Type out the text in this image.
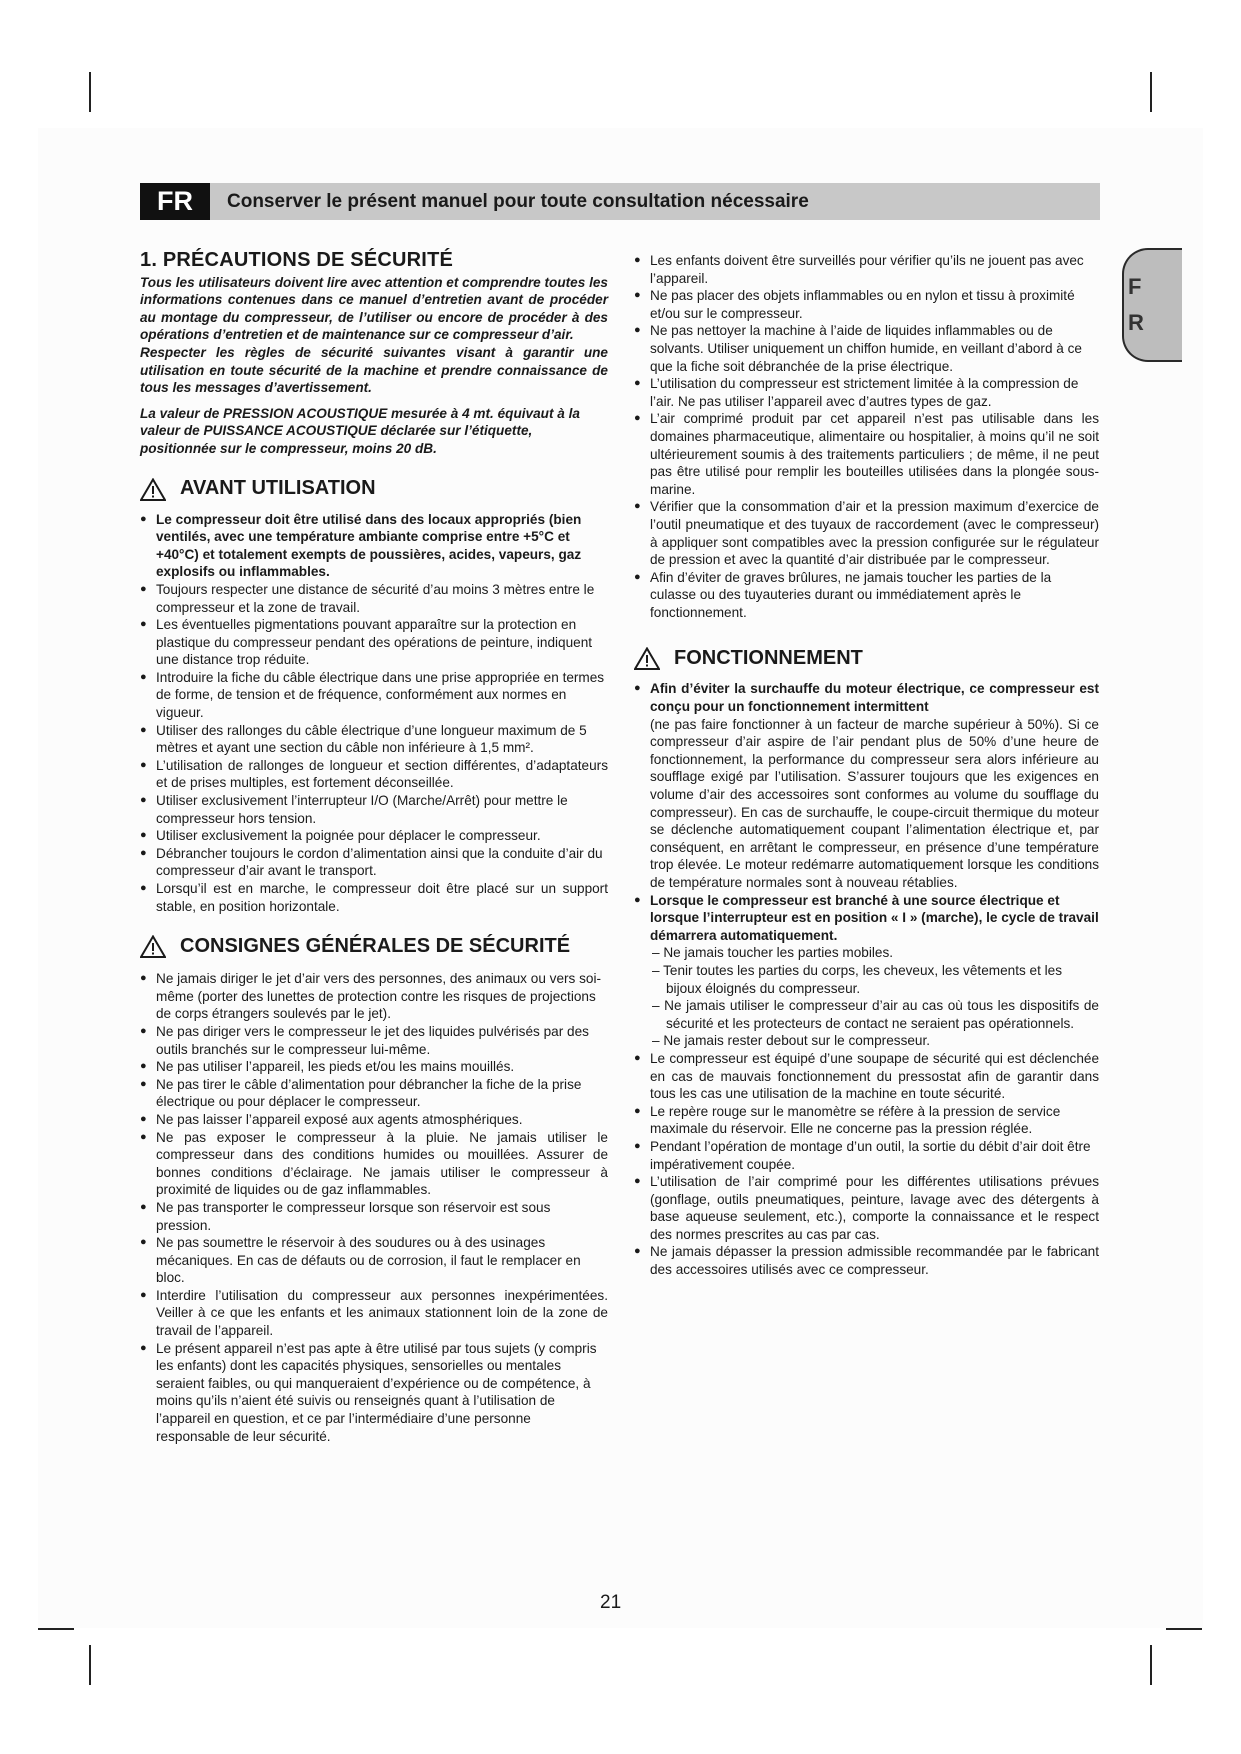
FR	Conserver le présent manuel pour toute consultation nécessaire
F
R
1. PRÉCAUTIONS DE SÉCURITÉ

Tous les utilisateurs doivent lire avec attention et comprendre toutes les informations contenues dans ce manuel d’entretien avant de procéder au montage du compresseur, de l’utiliser ou encore de procéder à des opérations d’entretien et de maintenance sur ce compresseur d’air.

Respecter les règles de sécurité suivantes visant à garantir une utilisation en toute sécurité de la machine et prendre connaissance de tous les messages d’avertissement.

La valeur de PRESSION ACOUSTIQUE mesurée à 4 mt. équivaut à la valeur de PUISSANCE ACOUSTIQUE déclarée sur l’étiquette, positionnée sur le compresseur, moins 20 dB.

AVANT UTILISATION

● Le compresseur doit être utilisé dans des locaux appropriés (bien ventilés, avec une température ambiante comprise entre +5°C et +40°C) et totalement exempts de poussières, acides, vapeurs, gaz explosifs ou inflammables.

● Toujours respecter une distance de sécurité d’au moins 3 mètres entre le compresseur et la zone de travail.

● Les éventuelles pigmentations pouvant apparaître sur la protection en plastique du compresseur pendant des opérations de peinture, indiquent une distance trop réduite.

● Introduire la fiche du câble électrique dans une prise appropriée en termes de forme, de tension et de fréquence, conformément aux normes en vigueur.

● Utiliser des rallonges du câble électrique d’une longueur maximum de 5 mètres et ayant une section du câble non inférieure à 1,5 mm².

● L’utilisation de rallonges de longueur et section différentes, d’adaptateurs et de prises multiples, est fortement déconseillée.

● Utiliser exclusivement l’interrupteur I/O (Marche/Arrêt) pour mettre le compresseur hors tension.

● Utiliser exclusivement la poignée pour déplacer le compresseur.

● Débrancher toujours le cordon d’alimentation ainsi que la conduite d’air du compresseur d’air avant le transport.

● Lorsqu’il est en marche, le compresseur doit être placé sur un support stable, en position horizontale.

CONSIGNES GÉNÉRALES DE SÉCURITÉ

● Ne jamais diriger le jet d’air vers des personnes, des animaux ou vers soi-même (porter des lunettes de protection contre les risques de projections de corps étrangers soulevés par le jet).

● Ne pas diriger vers le compresseur le jet des liquides pulvérisés par des outils branchés sur le compresseur lui-même.

● Ne pas utiliser l’appareil, les pieds et/ou les mains mouillés.

● Ne pas tirer le câble d’alimentation pour débrancher la fiche de la prise électrique ou pour déplacer le compresseur.

● Ne pas laisser l’appareil exposé aux agents atmosphériques.

● Ne pas exposer le compresseur à la pluie. Ne jamais utiliser le compresseur dans des conditions humides ou mouillées. Assurer de bonnes conditions d’éclairage. Ne jamais utiliser le compresseur à proximité de liquides ou de gaz inflammables.

● Ne pas transporter le compresseur lorsque son réservoir est sous pression.

● Ne pas soumettre le réservoir à des soudures ou à des usinages mécaniques. En cas de défauts ou de corrosion, il faut le remplacer en bloc.

● Interdire l’utilisation du compresseur aux personnes inexpérimentées. Veiller à ce que les enfants et les animaux stationnent loin de la zone de travail de l’appareil.

● Le présent appareil n’est pas apte à être utilisé par tous sujets (y compris les enfants) dont les capacités physiques, sensorielles ou mentales seraient faibles, ou qui manqueraient d’expérience ou de compétence, à moins qu’ils n’aient été suivis ou renseignés quant à l’utilisation de l’appareil en question, et ce par l’intermédiaire d’une personne responsable de leur sécurité.

● Les enfants doivent être surveillés pour vérifier qu’ils ne jouent pas avec l’appareil.

● Ne pas placer des objets inflammables ou en nylon et tissu à proximité et/ou sur le compresseur.

● Ne pas nettoyer la machine à l’aide de liquides inflammables ou de solvants. Utiliser uniquement un chiffon humide, en veillant d’abord à ce que la fiche soit débranchée de la prise électrique.

● L’utilisation du compresseur est strictement limitée à la compression de l’air. Ne pas utiliser l’appareil avec d’autres types de gaz.

● L’air comprimé produit par cet appareil n’est pas utilisable dans les domaines pharmaceutique, alimentaire ou hospitalier, à moins qu’il ne soit ultérieurement soumis à des traitements particuliers ; de même, il ne peut pas être utilisé pour remplir les bouteilles utilisées dans la plongée sous-marine.

● Vérifier que la consommation d’air et la pression maximum d’exercice de l’outil pneumatique et des tuyaux de raccordement (avec le compresseur) à appliquer sont compatibles avec la pression configurée sur le régulateur de pression et avec la quantité d’air distribuée par le compresseur.

● Afin d’éviter de graves brûlures, ne jamais toucher les parties de la culasse ou des tuyauteries durant ou immédiatement après le fonctionnement.

FONCTIONNEMENT

● Afin d’éviter la surchauffe du moteur électrique, ce compresseur est conçu pour un fonctionnement intermittent

(ne pas faire fonctionner à un facteur de marche supérieur à 50%). Si ce compresseur d’air aspire de l’air pendant plus de 50% d’une heure de fonctionnement, la performance du compresseur sera alors inférieure au soufflage exigé par l’utilisation. S’assurer toujours que les exigences en volume d’air des accessoires sont conformes au volume du soufflage du compresseur). En cas de surchauffe, le coupe-circuit thermique du moteur se déclenche automatiquement coupant l’alimentation électrique et, par conséquent, en arrêtant le compresseur, en présence d’une température trop élevée. Le moteur redémarre automatiquement lorsque les conditions de température normales sont à nouveau rétablies.

● Lorsque le compresseur est branché à une source électrique et lorsque l’interrupteur est en position « I » (marche), le cycle de travail démarrera automatiquement.

– Ne jamais toucher les parties mobiles.

– Tenir toutes les parties du corps, les cheveux, les vêtements et les bijoux éloignés du compresseur.

– Ne jamais utiliser le compresseur d’air au cas où tous les dispositifs de sécurité et les protecteurs de contact ne seraient pas opérationnels.

– Ne jamais rester debout sur le compresseur.

● Le compresseur est équipé d’une soupape de sécurité qui est déclenchée en cas de mauvais fonctionnement du pressostat afin de garantir dans tous les cas une utilisation de la machine en toute sécurité.

● Le repère rouge sur le manomètre se réfère à la pression de service maximale du réservoir. Elle ne concerne pas la pression réglée.

● Pendant l’opération de montage d’un outil, la sortie du débit d’air doit être impérativement coupée.

● L’utilisation de l’air comprimé pour les différentes utilisations prévues (gonflage, outils pneumatiques, peinture, lavage avec des détergents à base aqueuse seulement, etc.), comporte la connaissance et le respect des normes prescrites au cas par cas.

● Ne jamais dépasser la pression admissible recommandée par le fabricant des accessoires utilisés avec ce compresseur.

21
